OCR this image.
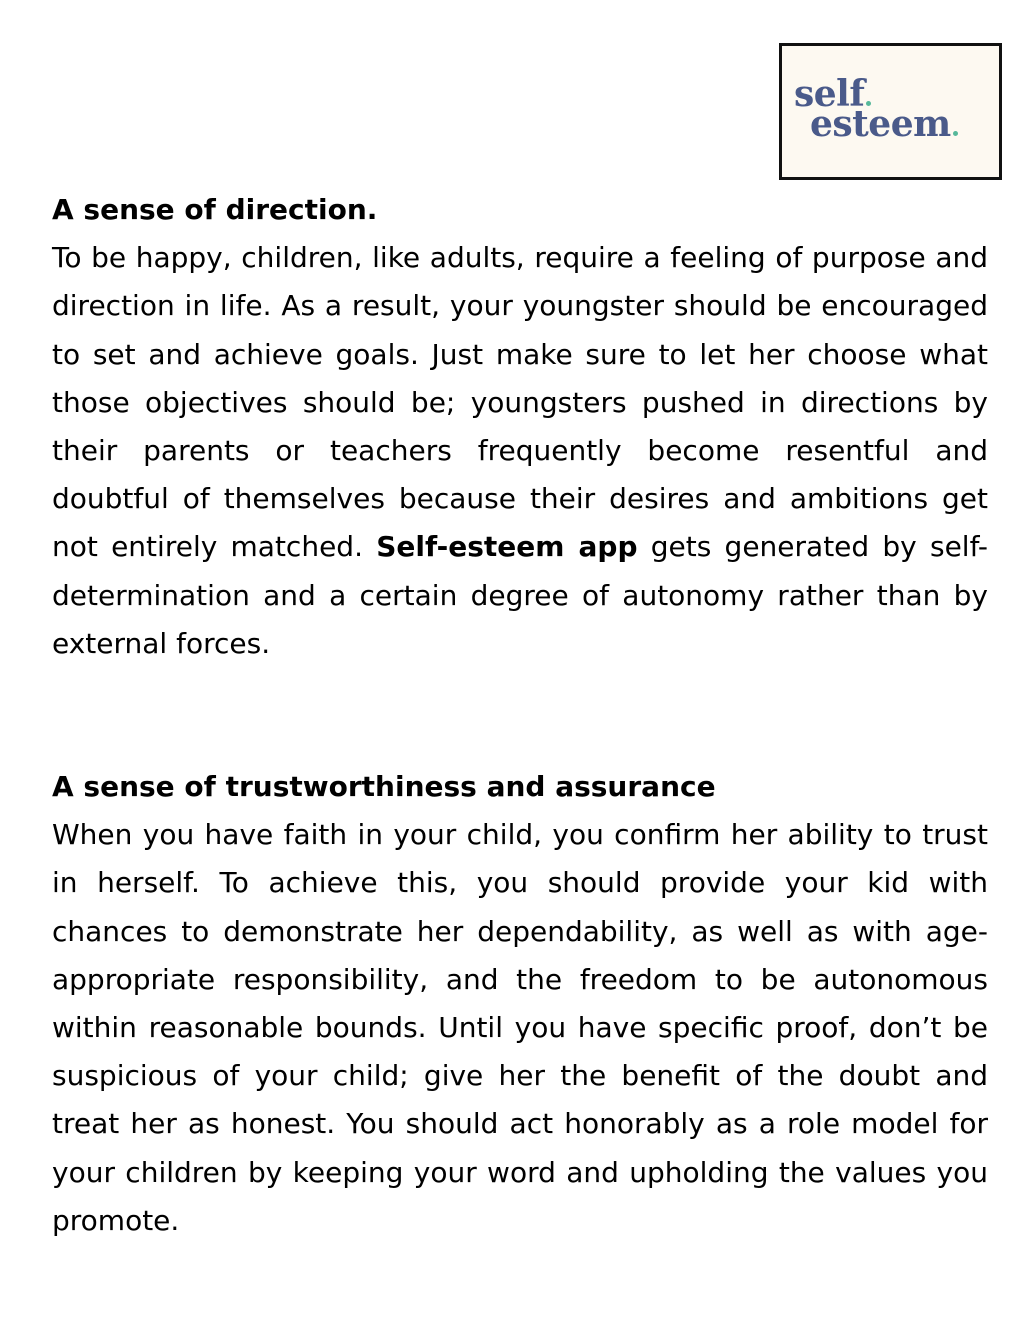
self
esteem
A sense of direction.

To be happy, children, like adults, require a feeling of purpose and direction in life. As a result, your youngster should be encouraged to set and achieve goals. Just make sure to let her choose what those objectives should be; youngsters pushed in directions by their parents or teachers frequently become resentful and doubtful of themselves because their desires and ambitions get not entirely matched. Self-esteem app gets generated by self-determination and a certain degree of autonomy rather than by external forces.

A sense of trustworthiness and assurance

When you have faith in your child, you confirm her ability to trust in herself. To achieve this, you should provide your kid with chances to demonstrate her dependability, as well as with age-appropriate responsibility, and the freedom to be autonomous within reasonable bounds. Until you have specific proof, don’t be suspicious of your child; give her the benefit of the doubt and treat her as honest. You should act honorably as a role model for your children by keeping your word and upholding the values you promote.
